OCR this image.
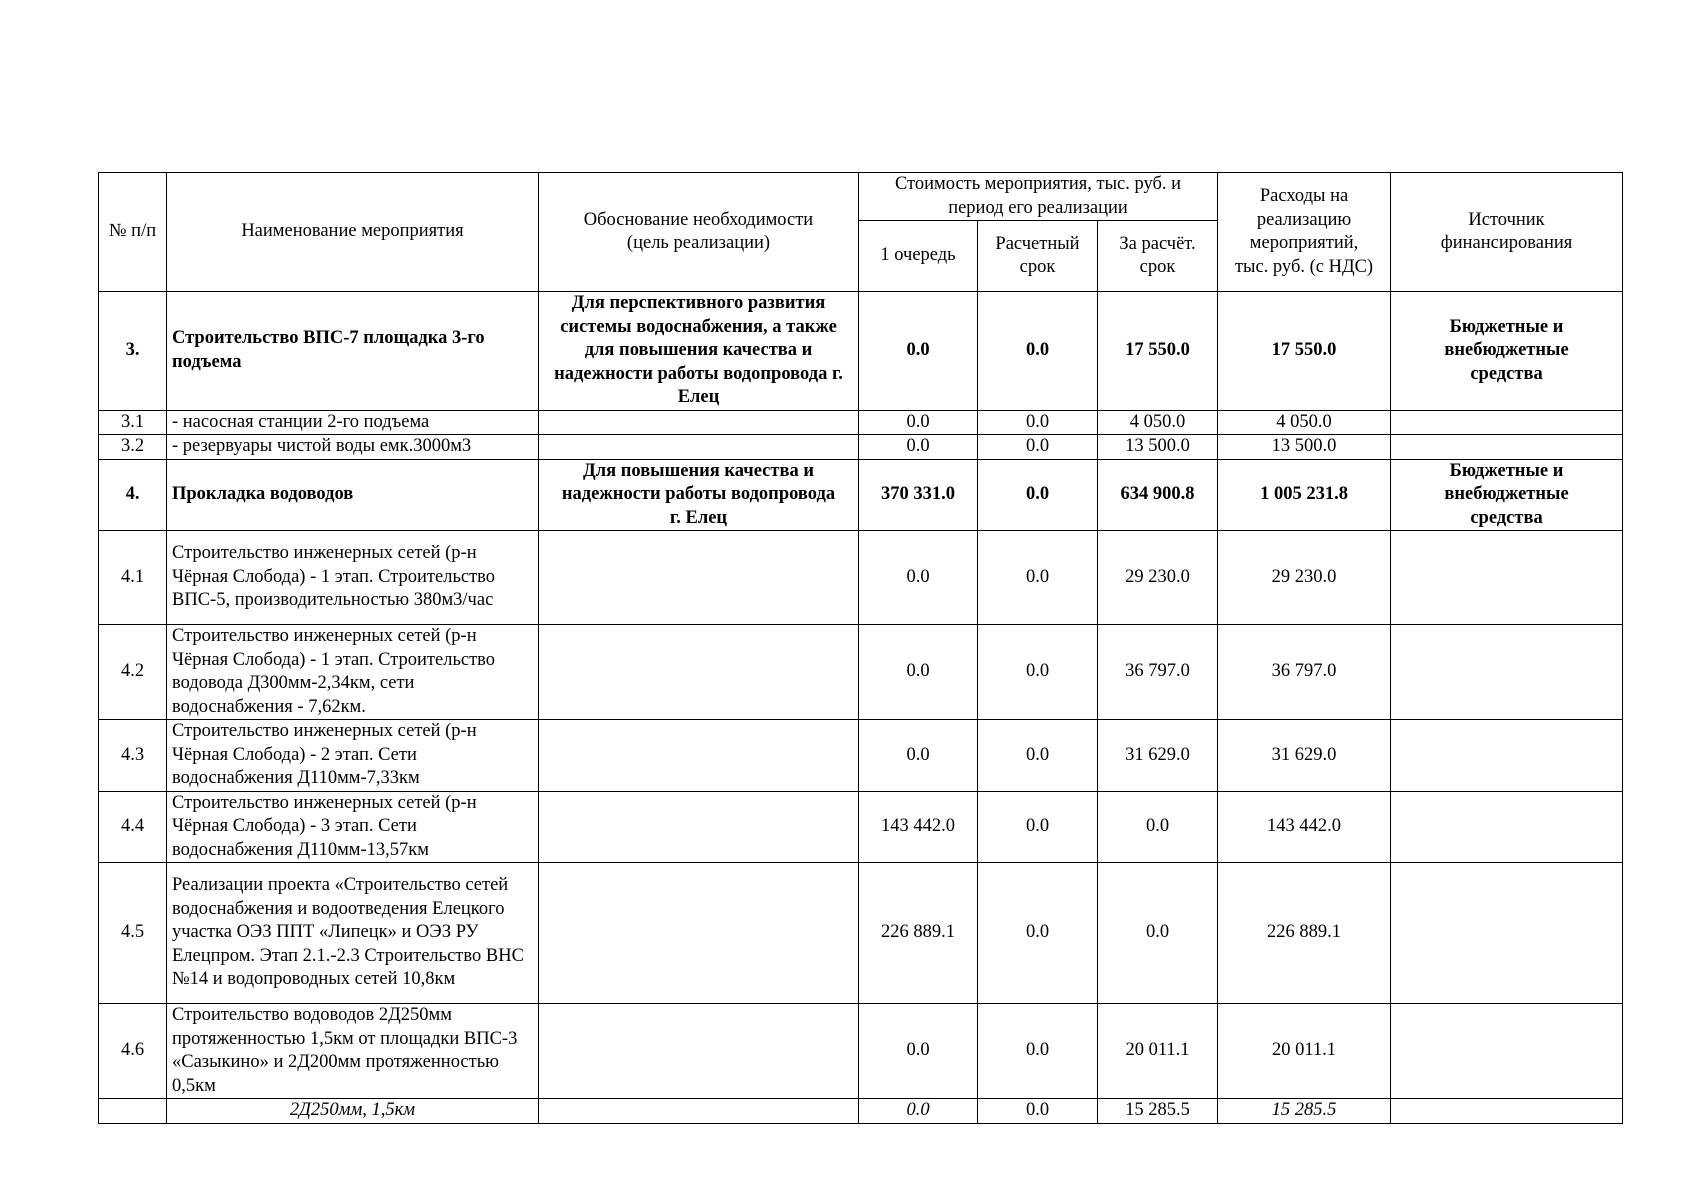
№ п/п	Наименование мероприятия	Обоснование необходимости (цель реализации)	Стоимость мероприятия, тыс. руб. и период его реализации			Расходы на реализацию мероприятий, тыс. руб. (с НДС)	Источник финансирования
			1 очередь	Расчетный срок	За расчёт. срок		
3.	Строительство ВПС-7 площадка 3-го подъема	Для перспективного развития системы водоснабжения, а также для повышения качества и надежности работы водопровода г. Елец	0.0	0.0	17 550.0	17 550.0	Бюджетные и внебюджетные средства
3.1	- насосная станции 2-го подъема		0.0	0.0	4 050.0	4 050.0	
3.2	- резервуары чистой воды емк.3000м3		0.0	0.0	13 500.0	13 500.0	
4.	Прокладка водоводов	Для повышения качества и надежности работы водопровода г. Елец	370 331.0	0.0	634 900.8	1 005 231.8	Бюджетные и внебюджетные средства
4.1	Строительство инженерных сетей (р-н Чёрная Слобода) - 1 этап. Строительство ВПС-5, производительностью 380м3/час		0.0	0.0	29 230.0	29 230.0	
4.2	Строительство инженерных сетей (р-н Чёрная Слобода) - 1 этап. Строительство водовода Д300мм-2,34км, сети водоснабжения - 7,62км.		0.0	0.0	36 797.0	36 797.0	
4.3	Строительство инженерных сетей (р-н Чёрная Слобода) - 2 этап. Сети водоснабжения Д110мм-7,33км		0.0	0.0	31 629.0	31 629.0	
4.4	Строительство инженерных сетей (р-н Чёрная Слобода) - 3 этап. Сети водоснабжения Д110мм-13,57км		143 442.0	0.0	0.0	143 442.0	
4.5	Реализации проекта «Строительство сетей водоснабжения и водоотведения Елецкого участка ОЭЗ ППТ «Липецк» и ОЭЗ РУ Елецпром. Этап 2.1.-2.3 Строительство ВНС №14 и водопроводных сетей 10,8км		226 889.1	0.0	0.0	226 889.1	
4.6	Строительство водоводов 2Д250мм протяженностью 1,5км от площадки ВПС-3 «Сазыкино» и 2Д200мм протяженностью 0,5км		0.0	0.0	20 011.1	20 011.1	
	2Д250мм, 1,5км		0.0	0.0	15 285.5	15 285.5	
